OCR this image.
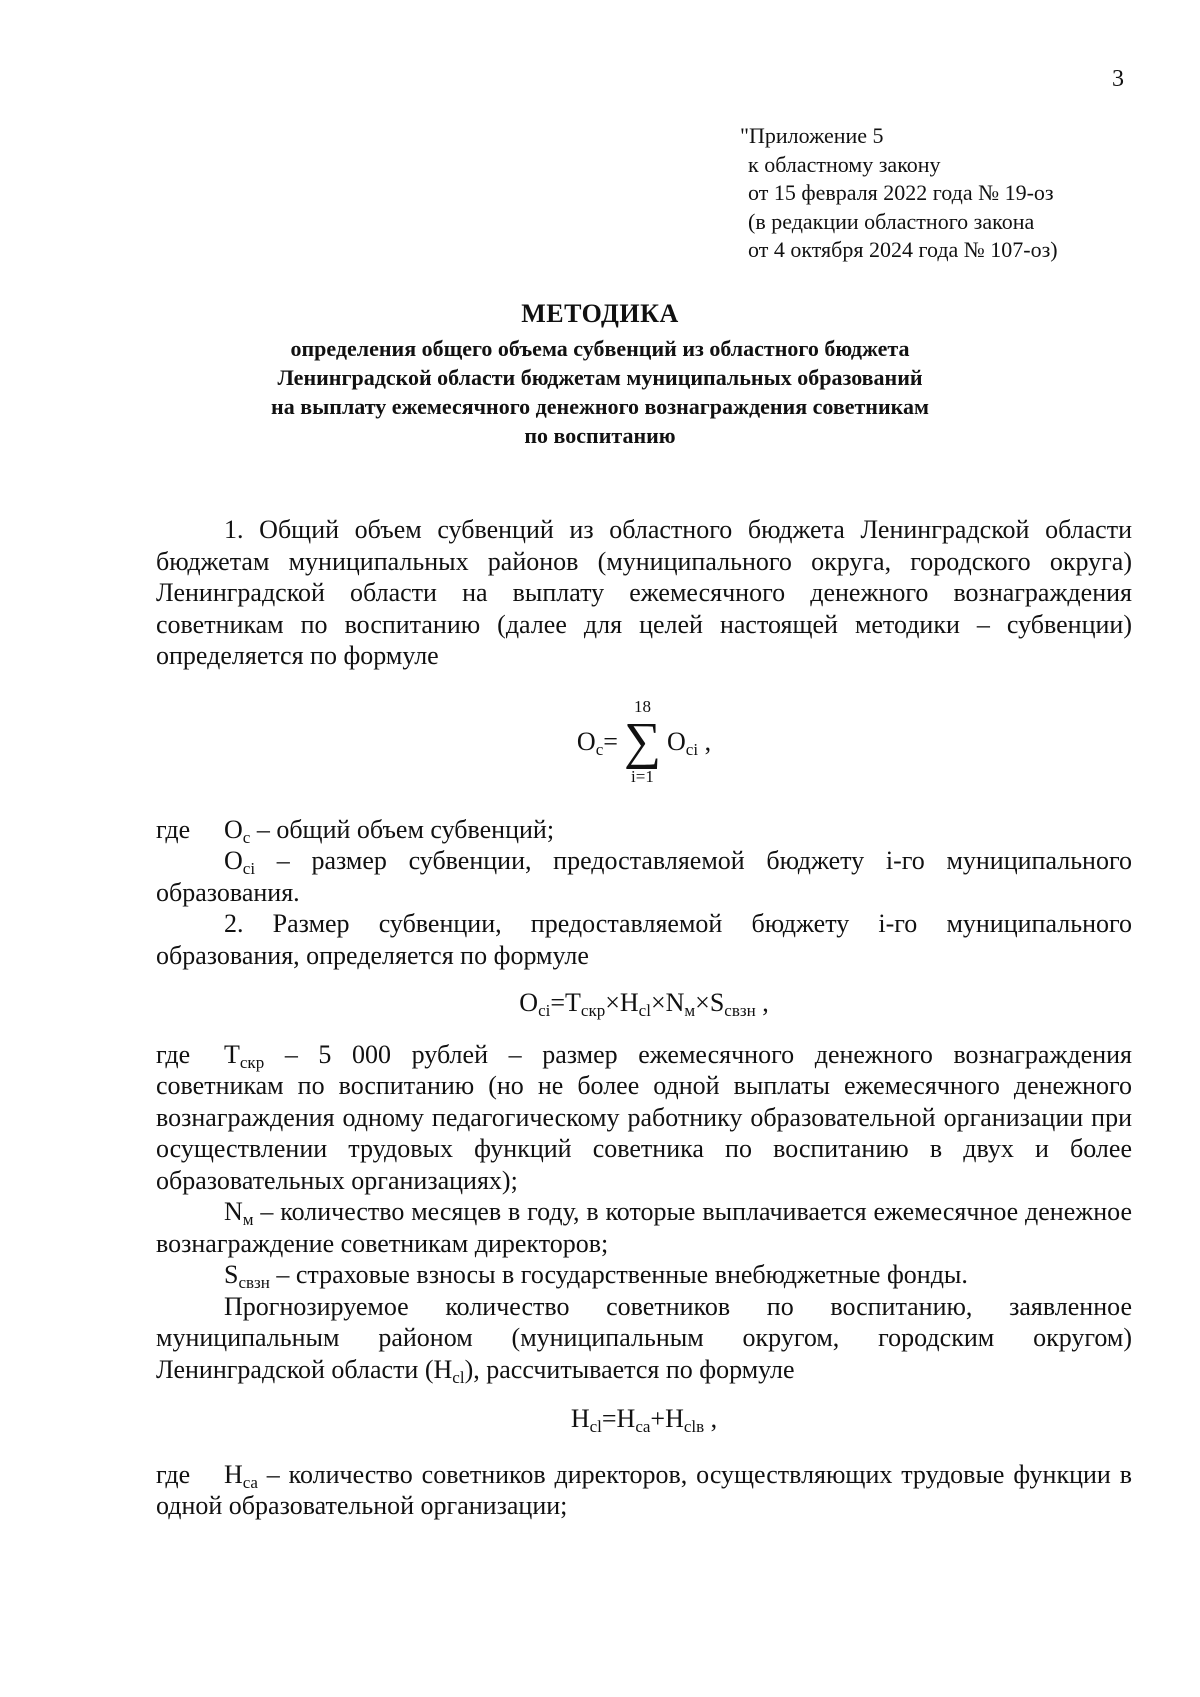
3
"Приложение 5
к областному закону
от 15 февраля 2022 года № 19-оз
(в редакции областного закона
от 4 октября 2024 года № 107-оз)
МЕТОДИКА
определения общего объема субвенций из областного бюджета
Ленинградской области бюджетам муниципальных образований
на выплату ежемесячного денежного вознаграждения советникам
по воспитанию

1. Общий объем субвенций из областного бюджета Ленинградской области бюджетам муниципальных районов (муниципального округа, городского округа) Ленинградской области на выплату ежемесячного денежного вознаграждения советникам по воспитанию (далее для целей настоящей методики – субвенции) определяется по формуле

$O_c=$
18
∑
i=1
$O_{ci}$ ,

где $O_c$ – общий объем субвенций;

$O_{ci}$ – размер субвенции, предоставляемой бюджету i-го муниципального образования.

2. Размер субвенции, предоставляемой бюджету i-го муниципального образования, определяется по формуле

$O_{ci}=T_{скр}\times H_{cl}\times N_м\times S_{свзн}$ ,

где $T_{скр} - 5$ 000 рублей – размер ежемесячного денежного вознаграждения советникам по воспитанию (но не более одной выплаты ежемесячного денежного вознаграждения одному педагогическому работнику образовательной организации при осуществлении трудовых функций советника по воспитанию в двух и более образовательных организациях);

$N_м$ – количество месяцев в году, в которые выплачивается ежемесячное денежное вознаграждение советникам директоров;

$S_{свзн}$ – страховые взносы в государственные внебюджетные фонды.

Прогнозируемое количество советников по воспитанию, заявленное муниципальным районом (муниципальным округом, городским округом) Ленинградской области $(H_{cl})$, рассчитывается по формуле

$H_{cl}=H_{ca}+H_{clв}$ ,

где $H_{ca}$ – количество советников директоров, осуществляющих трудовые функции в одной образовательной организации;
